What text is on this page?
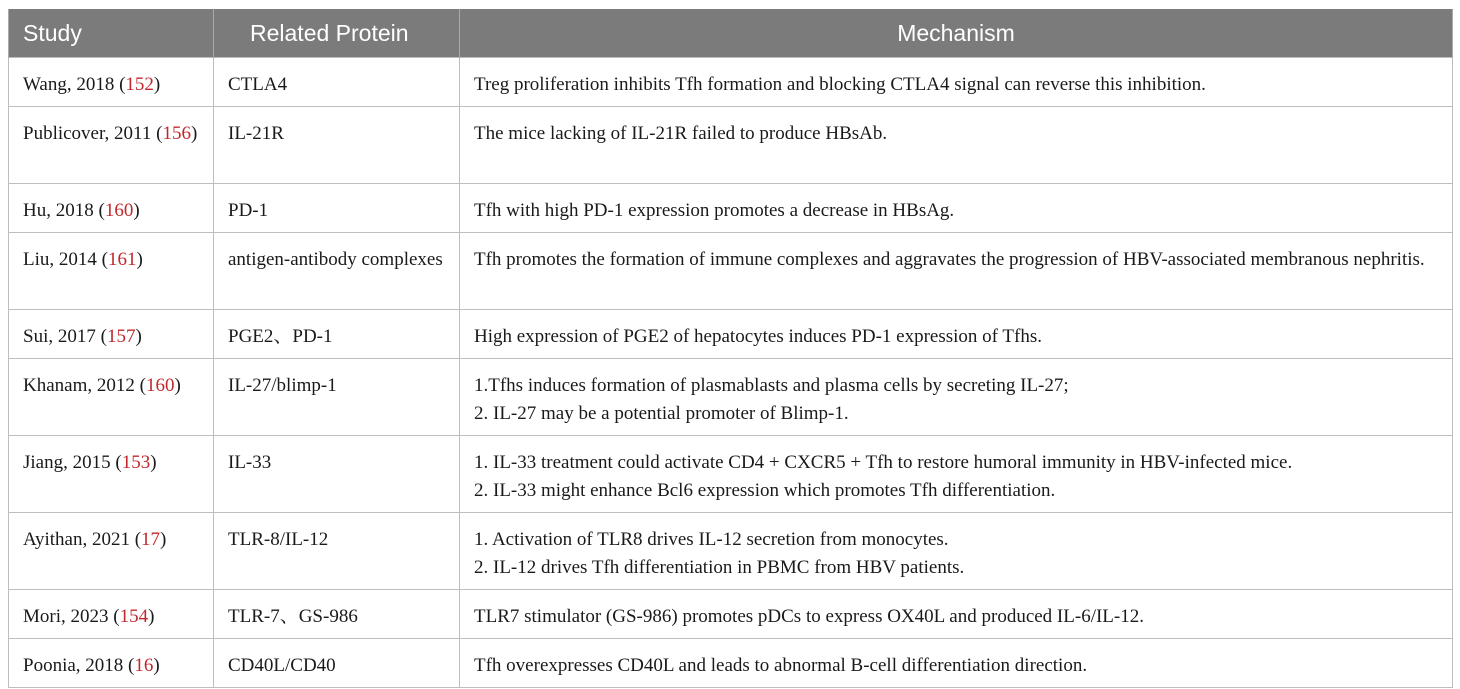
Study	Related Protein	Mechanism
Wang, 2018 (152)	CTLA4	Treg proliferation inhibits Tfh formation and blocking CTLA4 signal can reverse this inhibition.

Publicover, 2011 (156)	IL-21R	The mice lacking of IL-21R failed to produce HBsAb.

Hu, 2018 (160)	PD-1	Tfh with high PD-1 expression promotes a decrease in HBsAg.

Liu, 2014 (161)	antigen-antibody complexes	Tfh promotes the formation of immune complexes and aggravates the progression of HBV-associated membranous nephritis.

Sui, 2017 (157)	PGE2、PD-1	High expression of PGE2 of hepatocytes induces PD-1 expression of Tfhs.

Khanam, 2012 (160)	IL-27/blimp-1	1.Tfhs induces formation of plasmablasts and plasma cells by secreting IL-27;
2. IL-27 may be a potential promoter of Blimp-1.

Jiang, 2015 (153)	IL-33	1. IL-33 treatment could activate CD4 + CXCR5 + Tfh to restore humoral immunity in HBV-infected mice.
2. IL-33 might enhance Bcl6 expression which promotes Tfh differentiation.

Ayithan, 2021 (17)	TLR-8/IL-12	1. Activation of TLR8 drives IL-12 secretion from monocytes.
2. IL-12 drives Tfh differentiation in PBMC from HBV patients.

Mori, 2023 (154)	TLR-7、GS-986	TLR7 stimulator (GS-986) promotes pDCs to express OX40L and produced IL-6/IL-12.

Poonia, 2018 (16)	CD40L/CD40	Tfh overexpresses CD40L and leads to abnormal B-cell differentiation direction.
